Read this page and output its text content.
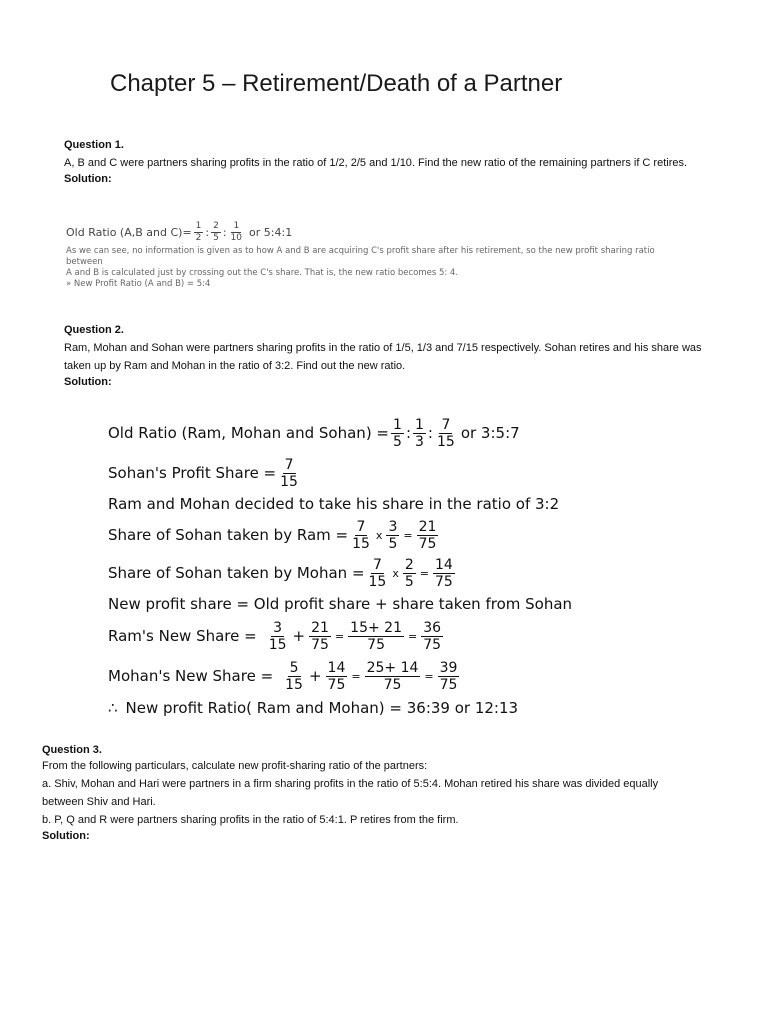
Chapter 5 – Retirement/Death of a Partner

Question 1.

A, B and C were partners sharing profits in the ratio of 1/2, 2/5 and 1/10. Find the new ratio of the remaining partners if C retires.

Solution:

Old Ratio (A,B and $C)= \frac{1}{2}$ : $\frac{2}{5}$ : $\frac{1}{10}$ or 5:4:1
As we can see, no information is given as to how A and B are acquiring C's profit share after his retirement, so the new profit sharing ratio between
A and B is calculated just by crossing out the C's share. That is, the new ratio becomes 5: 4.
» New Profit Ratio (A and B) = 5:4

Question 2.

Ram, Mohan and Sohan were partners sharing profits in the ratio of 1/5, 1/3 and 7/15 respectively. Sohan retires and his share was taken up by Ram and Mohan in the ratio of 3:2. Find out the new ratio.

Solution:

Old Ratio (Ram, Mohan and Sohan) = $\frac{1}{5}$ : $\frac{1}{3}$ : $\frac{7}{15}$ or 3:5:7
Sohan's Profit Share = $\frac{7}{15}$
Ram and Mohan decided to take his share in the ratio of 3:2
Share of Sohan taken by Ram = $\frac{7}{15}$ x $\frac{3}{5} = \frac{21}{75}$
Share of Sohan taken by Mohan = $\frac{7}{15}$ x $\frac{2}{5} = \frac{14}{75}$
New profit share = Old profit share + share taken from Sohan
Ram's New Share = $\frac{3}{15} + \frac{21}{75} = \frac{15+ 21}{75} = \frac{36}{75}$
Mohan's New Share = $\frac{5}{15} + \frac{14}{75} = \frac{25+ 14}{75} = \frac{39}{75}$
∴ New profit Ratio( Ram and Mohan) = 36:39 or 12:13

Question 3.

From the following particulars, calculate new profit-sharing ratio of the partners:

a. Shiv, Mohan and Hari were partners in a firm sharing profits in the ratio of 5:5:4. Mohan retired his share was divided equally between Shiv and Hari.

b. P, Q and R were partners sharing profits in the ratio of 5:4:1. P retires from the firm.

Solution:
